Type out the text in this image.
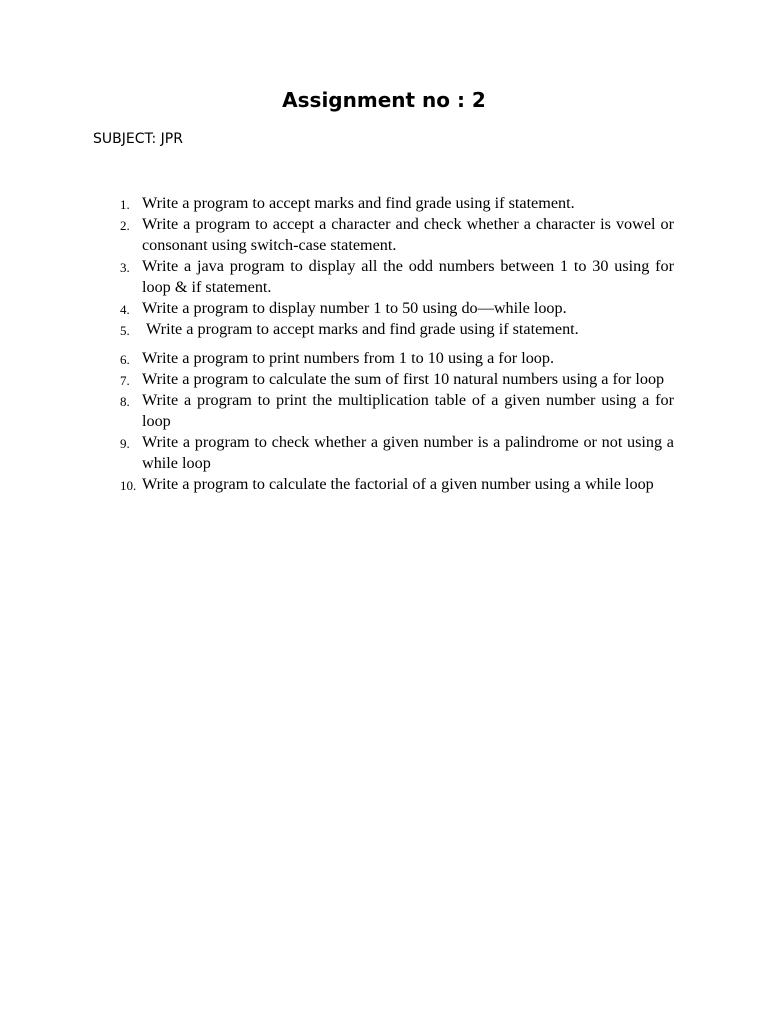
Assignment no : 2

SUBJECT: JPR

1. Write a program to accept marks and find grade using if statement.
2. Write a program to accept a character and check whether a character is vowel or consonant using switch-case statement.
3. Write a java program to display all the odd numbers between 1 to 30 using for loop & if statement.
4. Write a program to display number 1 to 50 using do—while loop.
5. Write a program to accept marks and find grade using if statement.
6. Write a program to print numbers from 1 to 10 using a for loop.
7. Write a program to calculate the sum of first 10 natural numbers using a for loop
8. Write a program to print the multiplication table of a given number using a for loop
9. Write a program to check whether a given number is a palindrome or not using a while loop
10. Write a program to calculate the factorial of a given number using a while loop
